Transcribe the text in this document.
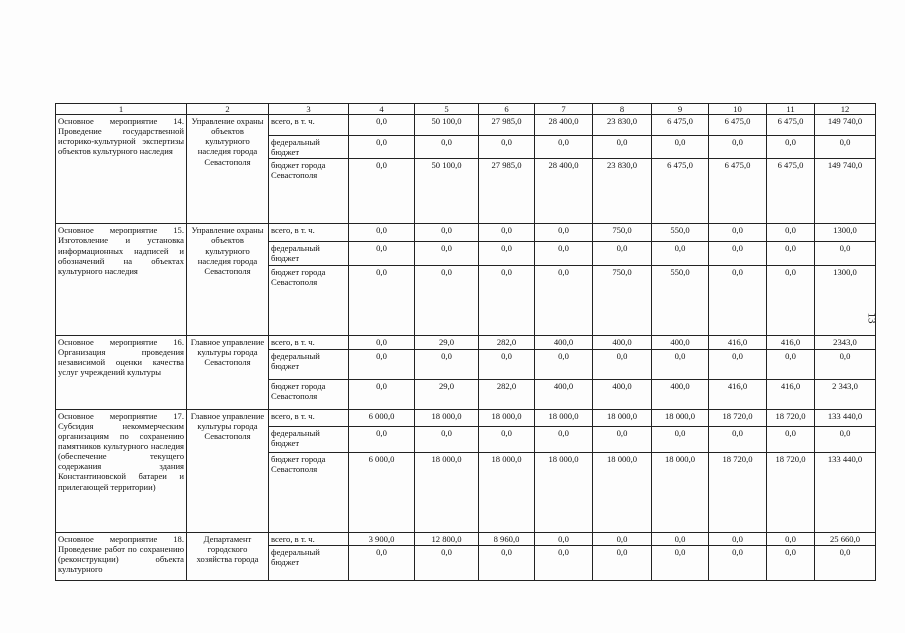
13
1	2	3	4	5	6	7	8	9	10	11	12
Основное мероприятие 14. Проведение государственной историко-культурной экспертизы объектов культурного наследия	Управление охраны объектов культурного наследия города Севастополя	всего, в т. ч.	0,0	50 100,0	27 985,0	28 400,0	23 830,0	6 475,0	6 475,0	6 475,0	149 740,0
		федеральный бюджет	0,0	0,0	0,0	0,0	0,0	0,0	0,0	0,0	0,0
		бюджет города Севастополя	0,0	50 100,0	27 985,0	28 400,0	23 830,0	6 475,0	6 475,0	6 475,0	149 740,0
Основное мероприятие 15. Изготовление и установка информационных надписей и обозначений на объектах культурного наследия	Управление охраны объектов культурного наследия города Севастополя	всего, в т. ч.	0,0	0,0	0,0	0,0	750,0	550,0	0,0	0,0	1300,0
		федеральный бюджет	0,0	0,0	0,0	0,0	0,0	0,0	0,0	0,0	0,0
		бюджет города Севастополя	0,0	0,0	0,0	0,0	750,0	550,0	0,0	0,0	1300,0
Основное мероприятие 16. Организация проведения независимой оценки качества услуг учреждений культуры	Главное управление культуры города Севастополя	всего, в т. ч.	0,0	29,0	282,0	400,0	400,0	400,0	416,0	416,0	2343,0
		федеральный бюджет	0,0	0,0	0,0	0,0	0,0	0,0	0,0	0,0	0,0
		бюджет города Севастополя	0,0	29,0	282,0	400,0	400,0	400,0	416,0	416,0	2 343,0
Основное мероприятие 17. Субсидия некоммерческим организациям по сохранению памятников культурного наследия (обеспечение текущего содержания здания Константиновской батареи и прилегающей территории)	Главное управление культуры города Севастополя	всего, в т. ч.	6 000,0	18 000,0	18 000,0	18 000,0	18 000,0	18 000,0	18 720,0	18 720,0	133 440,0
		федеральный бюджет	0,0	0,0	0,0	0,0	0,0	0,0	0,0	0,0	0,0
		бюджет города Севастополя	6 000,0	18 000,0	18 000,0	18 000,0	18 000,0	18 000,0	18 720,0	18 720,0	133 440,0
Основное мероприятие 18. Проведение работ по сохранению (реконструкции) объекта культурного	Департамент городского хозяйства города	всего, в т. ч.	3 900,0	12 800,0	8 960,0	0,0	0,0	0,0	0,0	0,0	25 660,0
		федеральный бюджет	0,0	0,0	0,0	0,0	0,0	0,0	0,0	0,0	0,0
